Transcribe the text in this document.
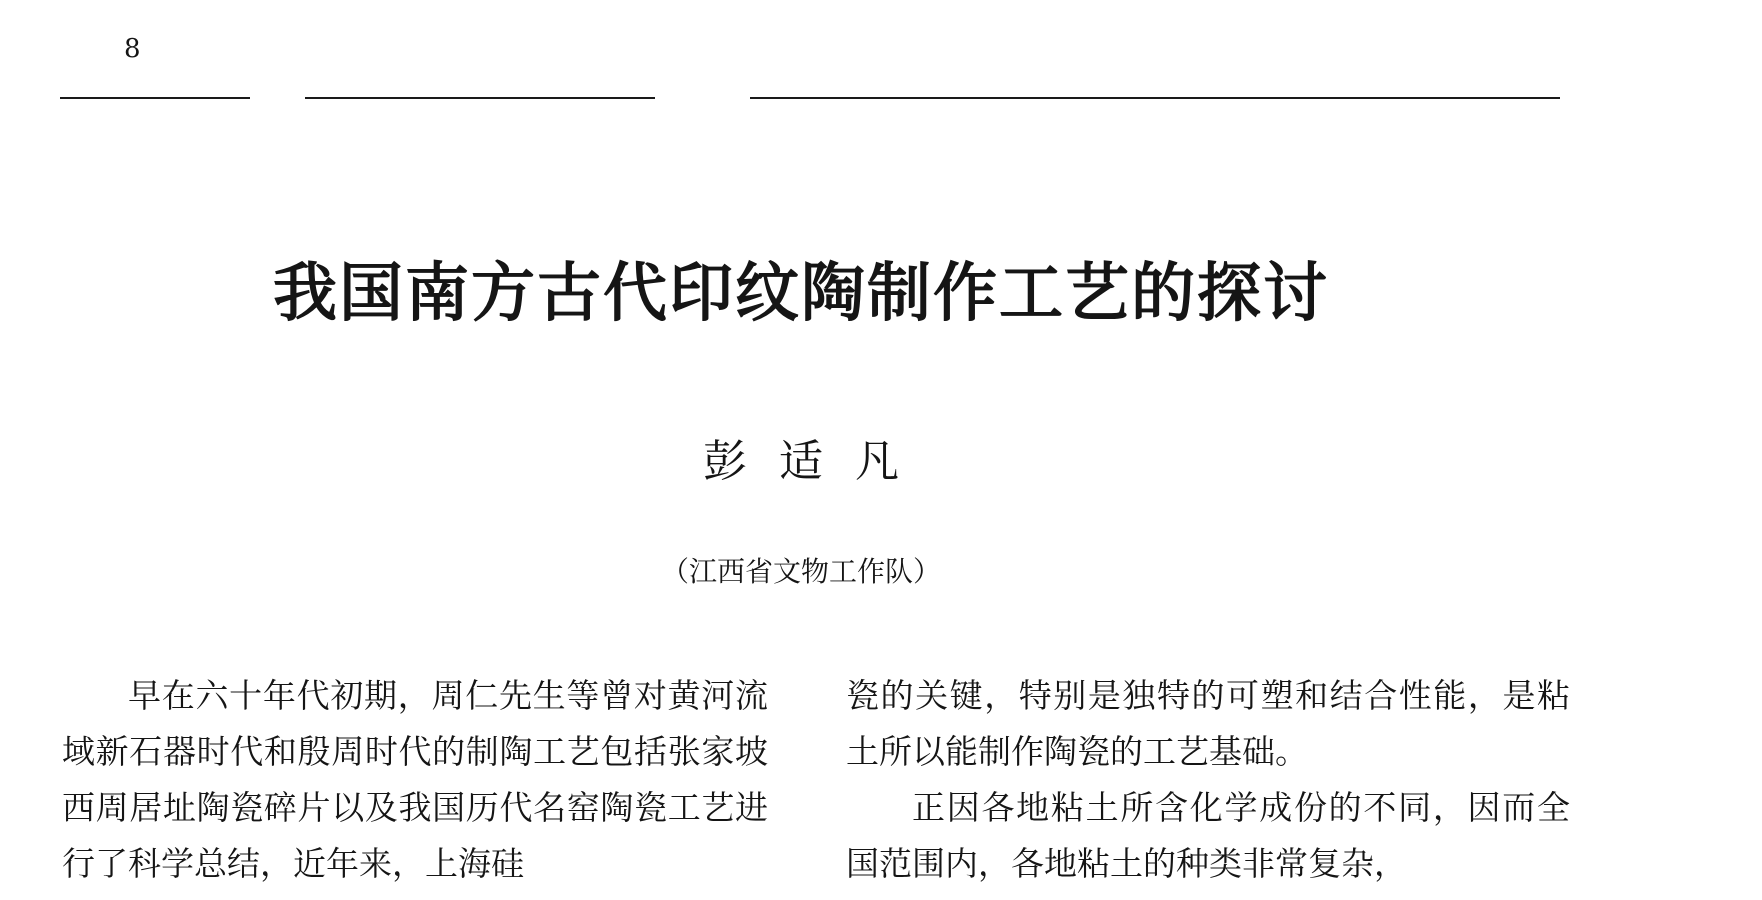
8
我国南方古代印纹陶制作工艺的探讨
彭适凡
（江西省文物工作队）

早在六十年代初期，周仁先生等曾对黄河流域新石器时代和殷周时代的制陶工艺包括张家坡西周居址陶瓷碎片以及我国历代名窑陶瓷工艺进行了科学总结，近年来，上海硅

瓷的关键，特别是独特的可塑和结合性能，是粘土所以能制作陶瓷的工艺基础。

正因各地粘土所含化学成份的不同，因而全国范围内，各地粘土的种类非常复杂，
